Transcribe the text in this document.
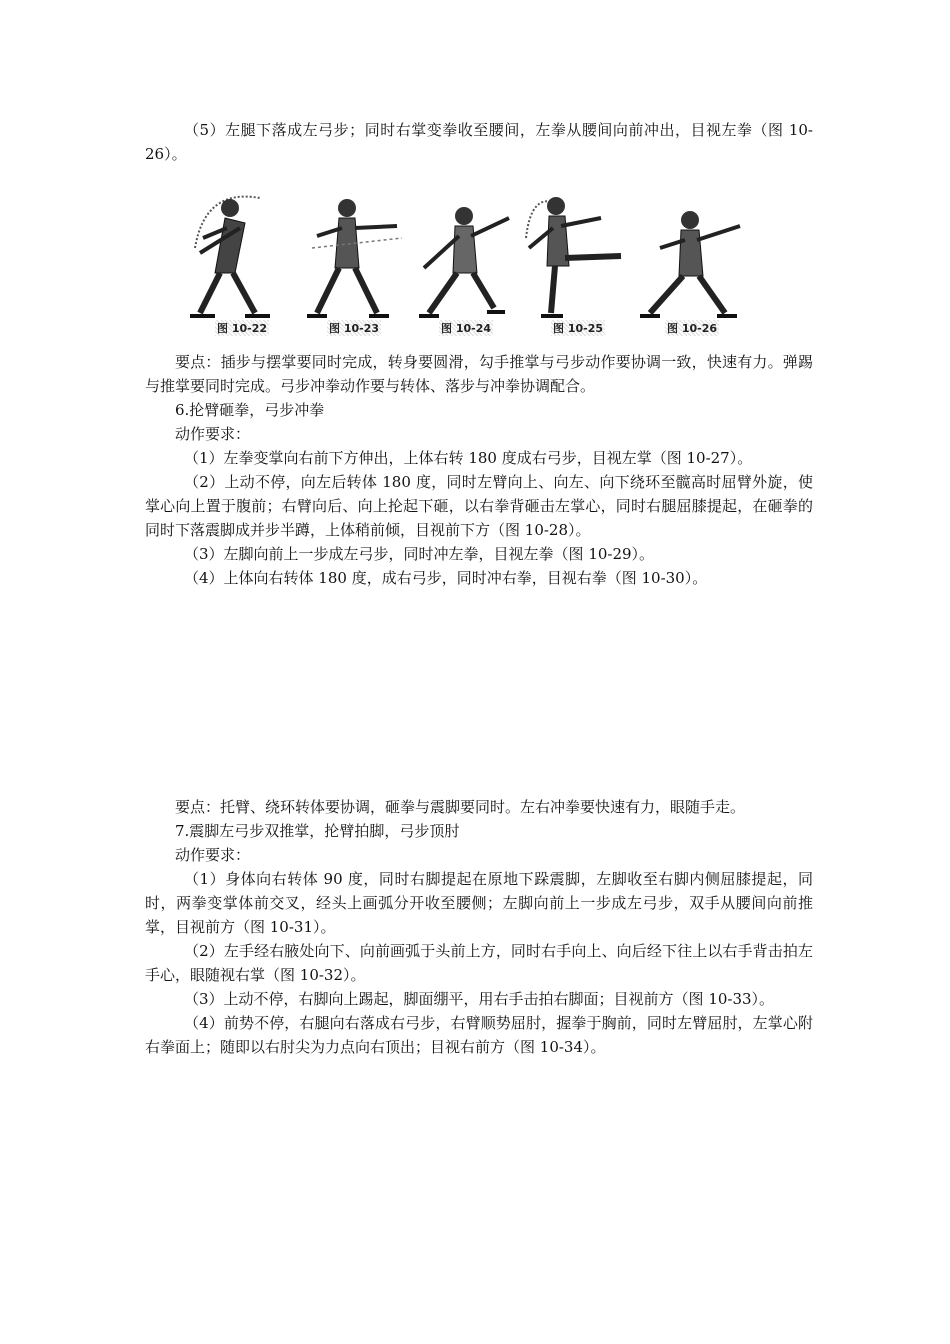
（5）左腿下落成左弓步；同时右掌变拳收至腰间，左拳从腰间向前冲出，目视左拳（图 10-26）。

图 10-22	图 10-23	图 10-24	图 10-25	图 10-26

要点：插步与摆掌要同时完成，转身要圆滑，勾手推掌与弓步动作要协调一致，快速有力。弹踢与推掌要同时完成。弓步冲拳动作要与转体、落步与冲拳协调配合。

6.抡臂砸拳，弓步冲拳

动作要求：

（1）左拳变掌向右前下方伸出，上体右转 180 度成右弓步，目视左掌（图 10-27）。

（2）上动不停，向左后转体 180 度，同时左臂向上、向左、向下绕环至髋高时屈臂外旋，使掌心向上置于腹前；右臂向后、向上抡起下砸，以右拳背砸击左掌心，同时右腿屈膝提起，在砸拳的同时下落震脚成并步半蹲，上体稍前倾，目视前下方（图 10-28）。

（3）左脚向前上一步成左弓步，同时冲左拳，目视左拳（图 10-29）。

（4）上体向右转体 180 度，成右弓步，同时冲右拳，目视右拳（图 10-30）。

要点：托臂、绕环转体要协调，砸拳与震脚要同时。左右冲拳要快速有力，眼随手走。

7.震脚左弓步双推掌，抡臂拍脚，弓步顶肘

动作要求：

（1）身体向右转体 90 度，同时右脚提起在原地下跺震脚，左脚收至右脚内侧屈膝提起，同时，两拳变掌体前交叉，经头上画弧分开收至腰侧；左脚向前上一步成左弓步，双手从腰间向前推掌，目视前方（图 10-31）。

（2）左手经右腋处向下、向前画弧于头前上方，同时右手向上、向后经下往上以右手背击拍左手心，眼随视右掌（图 10-32）。

（3）上动不停，右脚向上踢起，脚面绷平，用右手击拍右脚面；目视前方（图 10-33）。

（4）前势不停，右腿向右落成右弓步，右臂顺势屈肘，握拳于胸前，同时左臂屈肘，左掌心附右拳面上；随即以右肘尖为力点向右顶出；目视右前方（图 10-34）。
